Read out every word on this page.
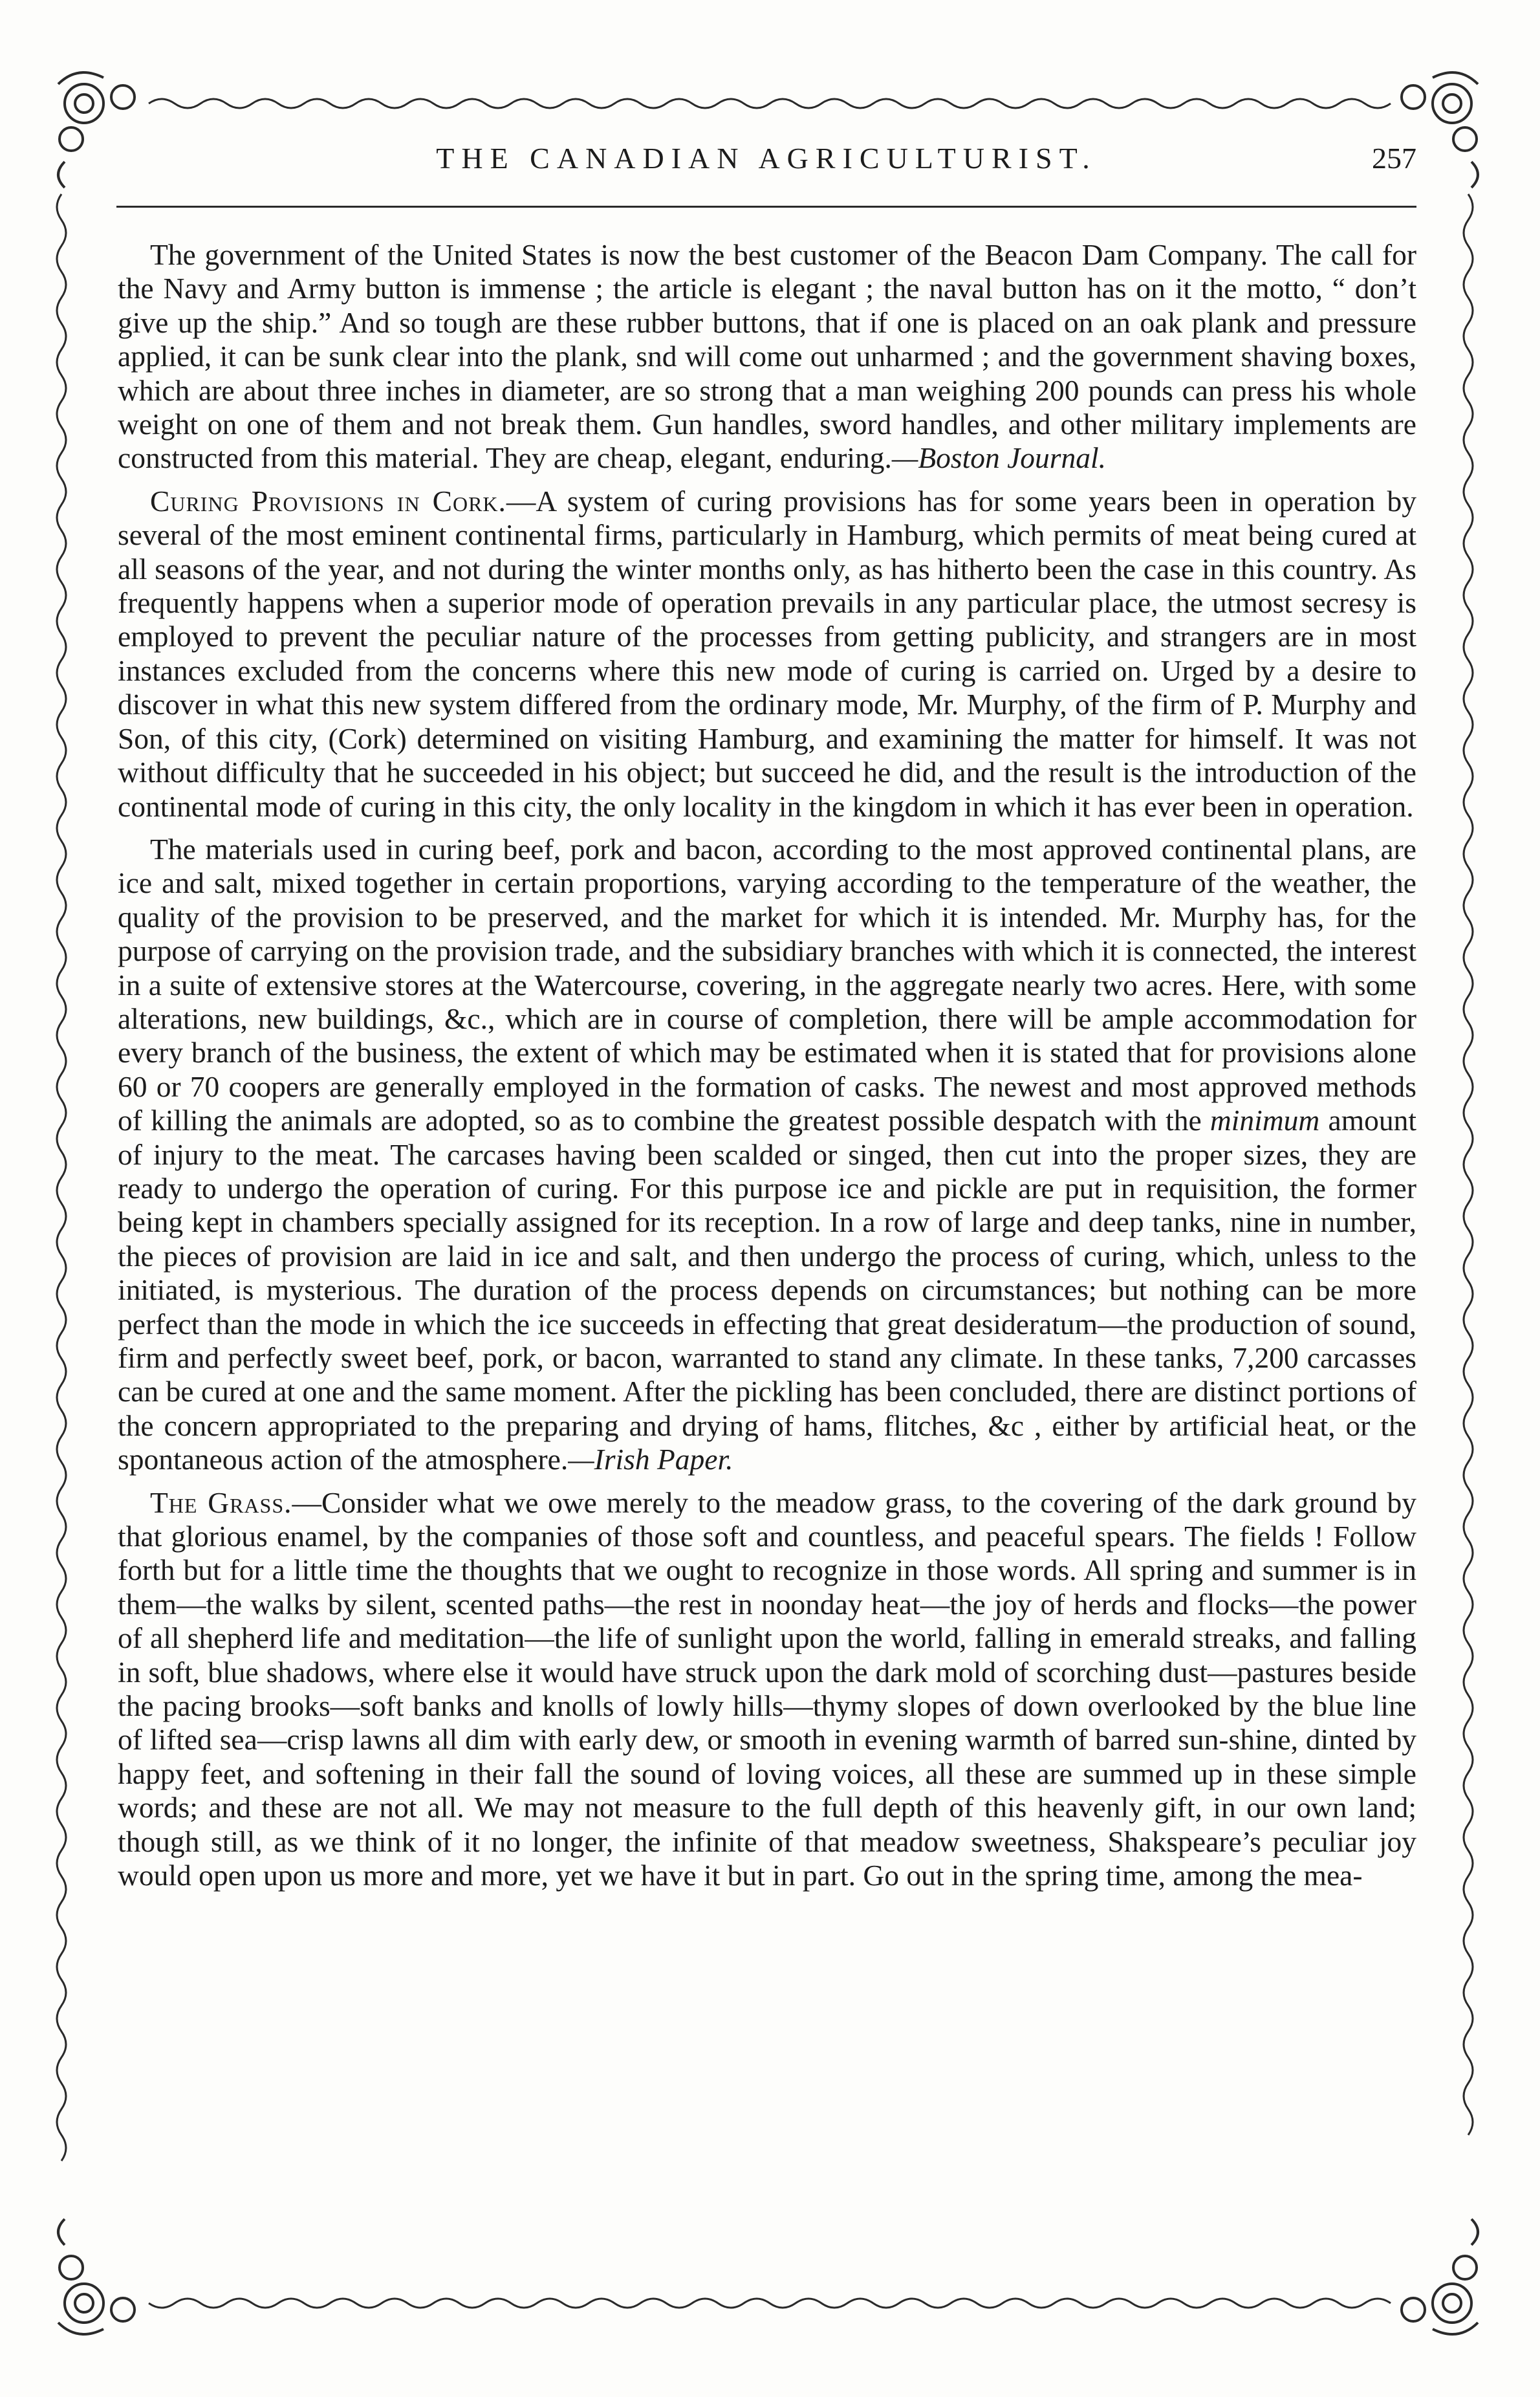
THE CANADIAN AGRICULTURIST.	257

The government of the United States is now the best customer of the Beacon Dam Company. The call for the Navy and Army button is immense ; the article is elegant ; the naval button has on it the motto, “ don’t give up the ship.” And so tough are these rubber buttons, that if one is placed on an oak plank and pressure applied, it can be sunk clear into the plank, snd will come out unharmed ; and the government shaving boxes, which are about three inches in diameter, are so strong that a man weighing 200 pounds can press his whole weight on one of them and not break them. Gun handles, sword handles, and other military implements are constructed from this material. They are cheap, elegant, enduring.—Boston Journal.

Curing Provisions in Cork.—A system of curing provisions has for some years been in operation by several of the most eminent continental firms, particularly in Hamburg, which permits of meat being cured at all seasons of the year, and not during the winter months only, as has hitherto been the case in this country. As frequently happens when a superior mode of operation prevails in any particular place, the utmost secresy is employed to prevent the peculiar nature of the processes from getting publicity, and strangers are in most instances excluded from the concerns where this new mode of curing is carried on. Urged by a desire to discover in what this new system differed from the ordinary mode, Mr. Murphy, of the firm of P. Murphy and Son, of this city, (Cork) determined on visiting Hamburg, and examining the matter for himself. It was not without difficulty that he succeeded in his object; but succeed he did, and the result is the introduction of the continental mode of curing in this city, the only locality in the kingdom in which it has ever been in operation.

The materials used in curing beef, pork and bacon, according to the most approved continental plans, are ice and salt, mixed together in certain proportions, varying according to the temperature of the weather, the quality of the provision to be preserved, and the market for which it is intended. Mr. Murphy has, for the purpose of carrying on the provision trade, and the subsidiary branches with which it is connected, the interest in a suite of extensive stores at the Watercourse, covering, in the aggregate nearly two acres. Here, with some alterations, new buildings, &c., which are in course of completion, there will be ample accommodation for every branch of the business, the extent of which may be estimated when it is stated that for provisions alone 60 or 70 coopers are generally employed in the formation of casks. The newest and most approved methods of killing the animals are adopted, so as to combine the greatest possible despatch with the minimum amount of injury to the meat. The carcases having been scalded or singed, then cut into the proper sizes, they are ready to undergo the operation of curing. For this purpose ice and pickle are put in requisition, the former being kept in chambers specially assigned for its reception. In a row of large and deep tanks, nine in number, the pieces of provision are laid in ice and salt, and then undergo the process of curing, which, unless to the initiated, is mysterious. The duration of the process depends on circumstances; but nothing can be more perfect than the mode in which the ice succeeds in effecting that great desideratum—the production of sound, firm and perfectly sweet beef, pork, or bacon, warranted to stand any climate. In these tanks, 7,200 carcasses can be cured at one and the same moment. After the pickling has been concluded, there are distinct portions of the concern appropriated to the preparing and drying of hams, flitches, &c , either by artificial heat, or the spontaneous action of the atmosphere.—Irish Paper.

The Grass.—Consider what we owe merely to the meadow grass, to the covering of the dark ground by that glorious enamel, by the companies of those soft and countless, and peaceful spears. The fields ! Follow forth but for a little time the thoughts that we ought to recognize in those words. All spring and summer is in them—the walks by silent, scented paths—the rest in noonday heat—the joy of herds and flocks—the power of all shepherd life and meditation—the life of sunlight upon the world, falling in emerald streaks, and falling in soft, blue shadows, where else it would have struck upon the dark mold of scorching dust—pastures beside the pacing brooks—soft banks and knolls of lowly hills—thymy slopes of down overlooked by the blue line of lifted sea—crisp lawns all dim with early dew, or smooth in evening warmth of barred sun-shine, dinted by happy feet, and softening in their fall the sound of loving voices, all these are summed up in these simple words; and these are not all. We may not measure to the full depth of this heavenly gift, in our own land; though still, as we think of it no longer, the infinite of that meadow sweetness, Shakspeare’s peculiar joy would open upon us more and more, yet we have it but in part. Go out in the spring time, among the mea-
